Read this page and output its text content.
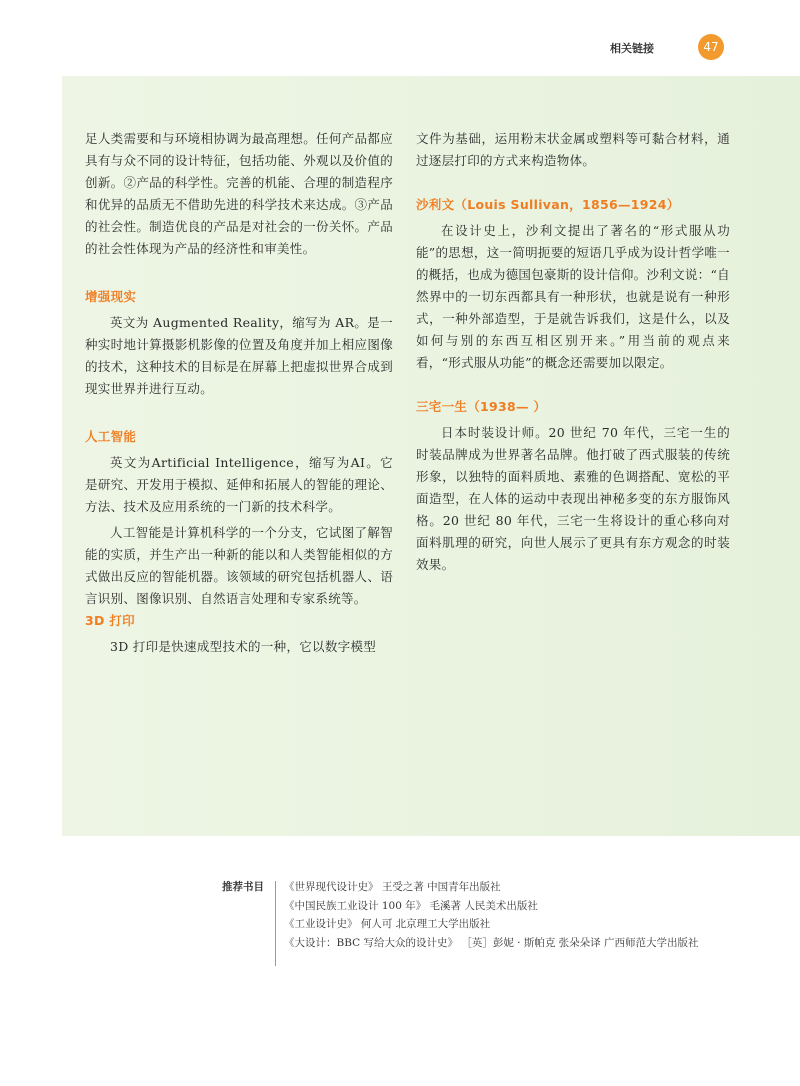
相关链接	47

足人类需要和与环境相协调为最高理想。任何产品都应具有与众不同的设计特征，包括功能、外观以及价值的创新。②产品的科学性。完善的机能、合理的制造程序和优异的品质无不借助先进的科学技术来达成。③产品的社会性。制造优良的产品是对社会的一份关怀。产品的社会性体现为产品的经济性和审美性。

增强现实

英文为 Augmented Reality，缩写为 AR。是一种实时地计算摄影机影像的位置及角度并加上相应图像的技术，这种技术的目标是在屏幕上把虚拟世界合成到现实世界并进行互动。

人工智能

英文为Artificial Intelligence，缩写为AI。它是研究、开发用于模拟、延伸和拓展人的智能的理论、方法、技术及应用系统的一门新的技术科学。

人工智能是计算机科学的一个分支，它试图了解智能的实质，并生产出一种新的能以和人类智能相似的方式做出反应的智能机器。该领域的研究包括机器人、语言识别、图像识别、自然语言处理和专家系统等。

3D 打印

3D 打印是快速成型技术的一种，它以数字模型

文件为基础，运用粉末状金属或塑料等可黏合材料，通过逐层打印的方式来构造物体。

沙利文（Louis Sullivan，1856—1924）

在设计史上，沙利文提出了著名的“形式服从功能”的思想，这一简明扼要的短语几乎成为设计哲学唯一的概括，也成为德国包豪斯的设计信仰。沙利文说：“自然界中的一切东西都具有一种形状，也就是说有一种形式，一种外部造型，于是就告诉我们，这是什么，以及如何与别的东西互相区别开来。”用当前的观点来看，“形式服从功能”的概念还需要加以限定。

三宅一生（1938— ）

日本时装设计师。20 世纪 70 年代，三宅一生的时装品牌成为世界著名品牌。他打破了西式服装的传统形象，以独特的面料质地、素雅的色调搭配、宽松的平面造型，在人体的运动中表现出神秘多变的东方服饰风格。20 世纪 80 年代，三宅一生将设计的重心移向对面料肌理的研究，向世人展示了更具有东方观念的时装效果。

推荐书目	《世界现代设计史》 王受之著 中国青年出版社
《中国民族工业设计 100 年》 毛溪著 人民美术出版社
《工业设计史》 何人可 北京理工大学出版社
《大设计：BBC 写给大众的设计史》 ［英］彭妮 · 斯帕克 张朵朵译 广西师范大学出版社
